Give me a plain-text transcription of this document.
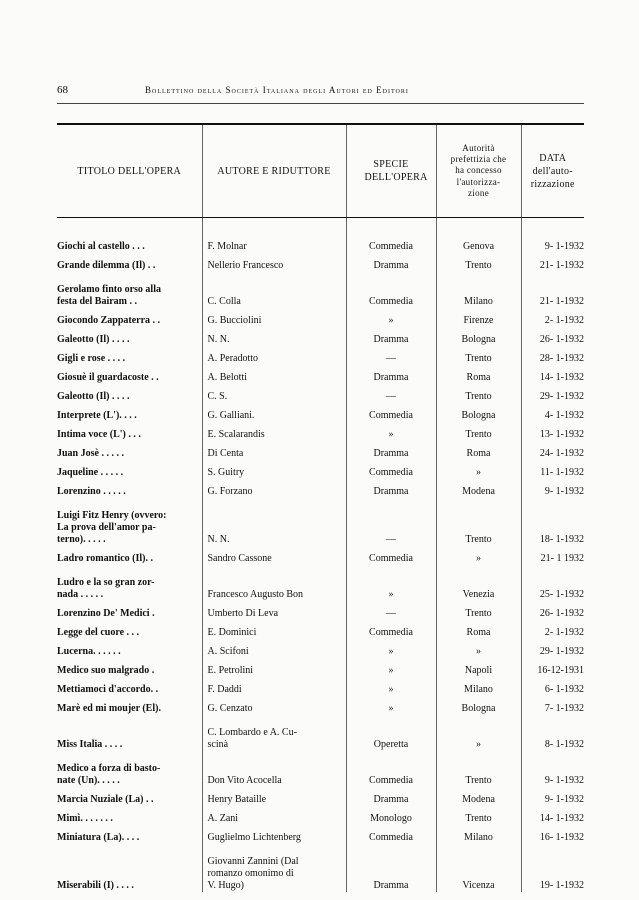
68	Bollettino della Società Italiana degli Autori ed Editori
TITOLO DELL'OPERA	AUTORE E RIDUTTORE	SPECIE DELL'OPERA	Autorità prefettizia che ha concesso l'autorizza- zione	DATA dell'auto- rizzazione

Giochi al castello . . .	F. Molnar	Commedia	Genova	9- 1-1932
Grande dilemma (Il) . .	Nellerio Francesco	Dramma	Trento	21- 1-1932
Gerolamo finto orso alla
festa del Bairam . .	C. Colla	Commedia	Milano	21- 1-1932
Giocondo Zappaterra . .	G. Bucciolini	»	Firenze	2- 1-1932
Galeotto (Il) . . . .	N. N.	Dramma	Bologna	26- 1-1932
Gigli e rose . . . .	A. Peradotto	—	Trento	28- 1-1932
Giosuè il guardacoste . .	A. Belotti	Dramma	Roma	14- 1-1932
Galeotto (Il) . . . .	C. S.	—	Trento	29- 1-1932
Interprete (L'). . . .	G. Galliani.	Commedia	Bologna	4- 1-1932
Intima voce (L') . . .	E. Scalarandis	»	Trento	13- 1-1932
Juan Josè . . . . .	Di Centa	Dramma	Roma	24- 1-1932
Jaqueline . . . . .	S. Guitry	Commedia	»	11- 1-1932
Lorenzino . . . . .	G. Forzano	Dramma	Modena	9- 1-1932
Luigi Fitz Henry (ovvero:
La prova dell'amor pa-
terno). . . . .	N. N.	—	Trento	18- 1-1932
Ladro romantico (Il). .	Sandro Cassone	Commedia	»	21- 1 1932
Ludro e la so gran zor-
nada . . . . .	Francesco Augusto Bon	»	Venezia	25- 1-1932
Lorenzino De' Medici .	Umberto Di Leva	—	Trento	26- 1-1932
Legge del cuore . . .	E. Dominici	Commedia	Roma	2- 1-1932
Lucerna. . . . . .	A. Scifoni	»	»	29- 1-1932
Medico suo malgrado .	E. Petrolini	»	Napoli	16-12-1931
Mettiamoci d'accordo. .	F. Daddi	»	Milano	6- 1-1932
Marè ed mi moujer (El).	G. Cenzato	»	Bologna	7- 1-1932
Miss Italia . . . .	C. Lombardo e A. Cu-
scinà	Operetta	»	8- 1-1932
Medico a forza di basto-
nate (Un). . . . .	Don Vito Acocella	Commedia	Trento	9- 1-1932
Marcia Nuziale (La) . .	Henry Bataille	Dramma	Modena	9- 1-1932
Mimì. . . . . . .	A. Zani	Monologo	Trento	14- 1-1932
Miniatura (La). . . .	Guglielmo Lichtenberg	Commedia	Milano	16- 1-1932
Miserabili (I) . . . .	Giovanni Zannini (Dal
romanzo omonimo di
V. Hugo)	Dramma	Vicenza	19- 1-1932
